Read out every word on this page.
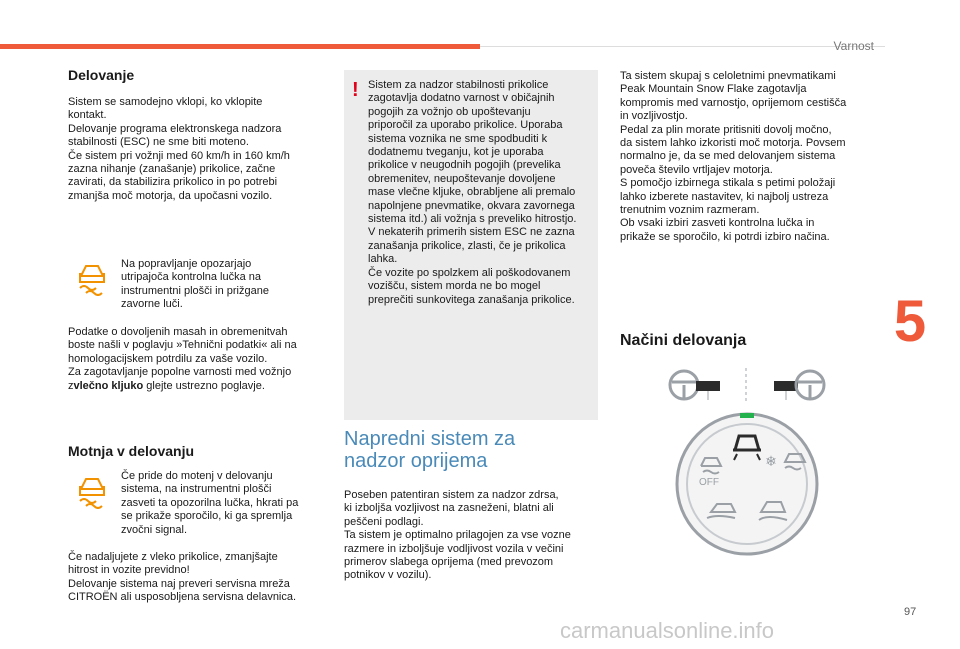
Varnost
5
Delovanje

Sistem se samodejno vklopi, ko vklopite
kontakt.
Delovanje programa elektronskega nadzora
stabilnosti (ESC) ne sme biti moteno.
Če sistem pri vožnji med 60 km/h in 160 km/h
zazna nihanje (zanašanje) prikolice, začne
zavirati, da stabilizira prikolico in po potrebi
zmanjša moč motorja, da upočasni vozilo.

Na popravljanje opozarjajo
utripajoča kontrolna lučka na
instrumentni plošči in prižgane
zavorne luči.

Podatke o dovoljenih masah in obremenitvah
boste našli v poglavju »Tehnični podatki« ali na
homologacijskem potrdilu za vaše vozilo.
Za zagotavljanje popolne varnosti med vožnjo zvlečno kljuko glejte ustrezno poglavje.

Motnja v delovanju

Če pride do motenj v delovanju
sistema, na instrumentni plošči
zasveti ta opozorilna lučka, hkrati pa
se prikaže sporočilo, ki ga spremlja
zvočni signal.

Če nadaljujete z vleko prikolice, zmanjšajte
hitrost in vozite previdno!
Delovanje sistema naj preveri servisna mreža
CITROËN ali usposobljena servisna delavnica.

! Sistem za nadzor stabilnosti prikolice
zagotavlja dodatno varnost v običajnih
pogojih za vožnjo ob upoštevanju
priporočil za uporabo prikolice. Uporaba
sistema voznika ne sme spodbuditi k
dodatnemu tveganju, kot je uporaba
prikolice v neugodnih pogojih (prevelika
obremenitev, neupoštevanje dovoljene
mase vlečne kljuke, obrabljene ali premalo
napolnjene pnevmatike, okvara zavornega
sistema itd.) ali vožnja s preveliko hitrostjo.
V nekaterih primerih sistem ESC ne zazna
zanašanja prikolice, zlasti, če je prikolica
lahka.
Če vozite po spolzkem ali poškodovanem
vozišču, sistem morda ne bo mogel
preprečiti sunkovitega zanašanja prikolice.

Napredni sistem za
nadzor oprijema

Poseben patentiran sistem za nadzor zdrsa,
ki izboljša vozljivost na zasneženi, blatni ali
peščeni podlagi.
Ta sistem je optimalno prilagojen za vse vozne
razmere in izboljšuje vodljivost vozila v večini
primerov slabega oprijema (med prevozom
potnikov v vozilu).

Ta sistem skupaj s celoletnimi pnevmatikami
Peak Mountain Snow Flake zagotavlja
kompromis med varnostjo, oprijemom cestišča
in vozljivostjo.
Pedal za plin morate pritisniti dovolj močno,
da sistem lahko izkoristi moč motorja. Povsem
normalno je, da se med delovanjem sistema
poveča število vrtljajev motorja.
S pomočjo izbirnega stikala s petimi položaji
lahko izberete nastavitev, ki najbolj ustreza
trenutnim voznim razmeram.
Ob vsaki izbiri zasveti kontrolna lučka in
prikaže se sporočilo, ki potrdi izbiro načina.

Načini delovanja
OFF
❄
97
carmanualsonline.info
